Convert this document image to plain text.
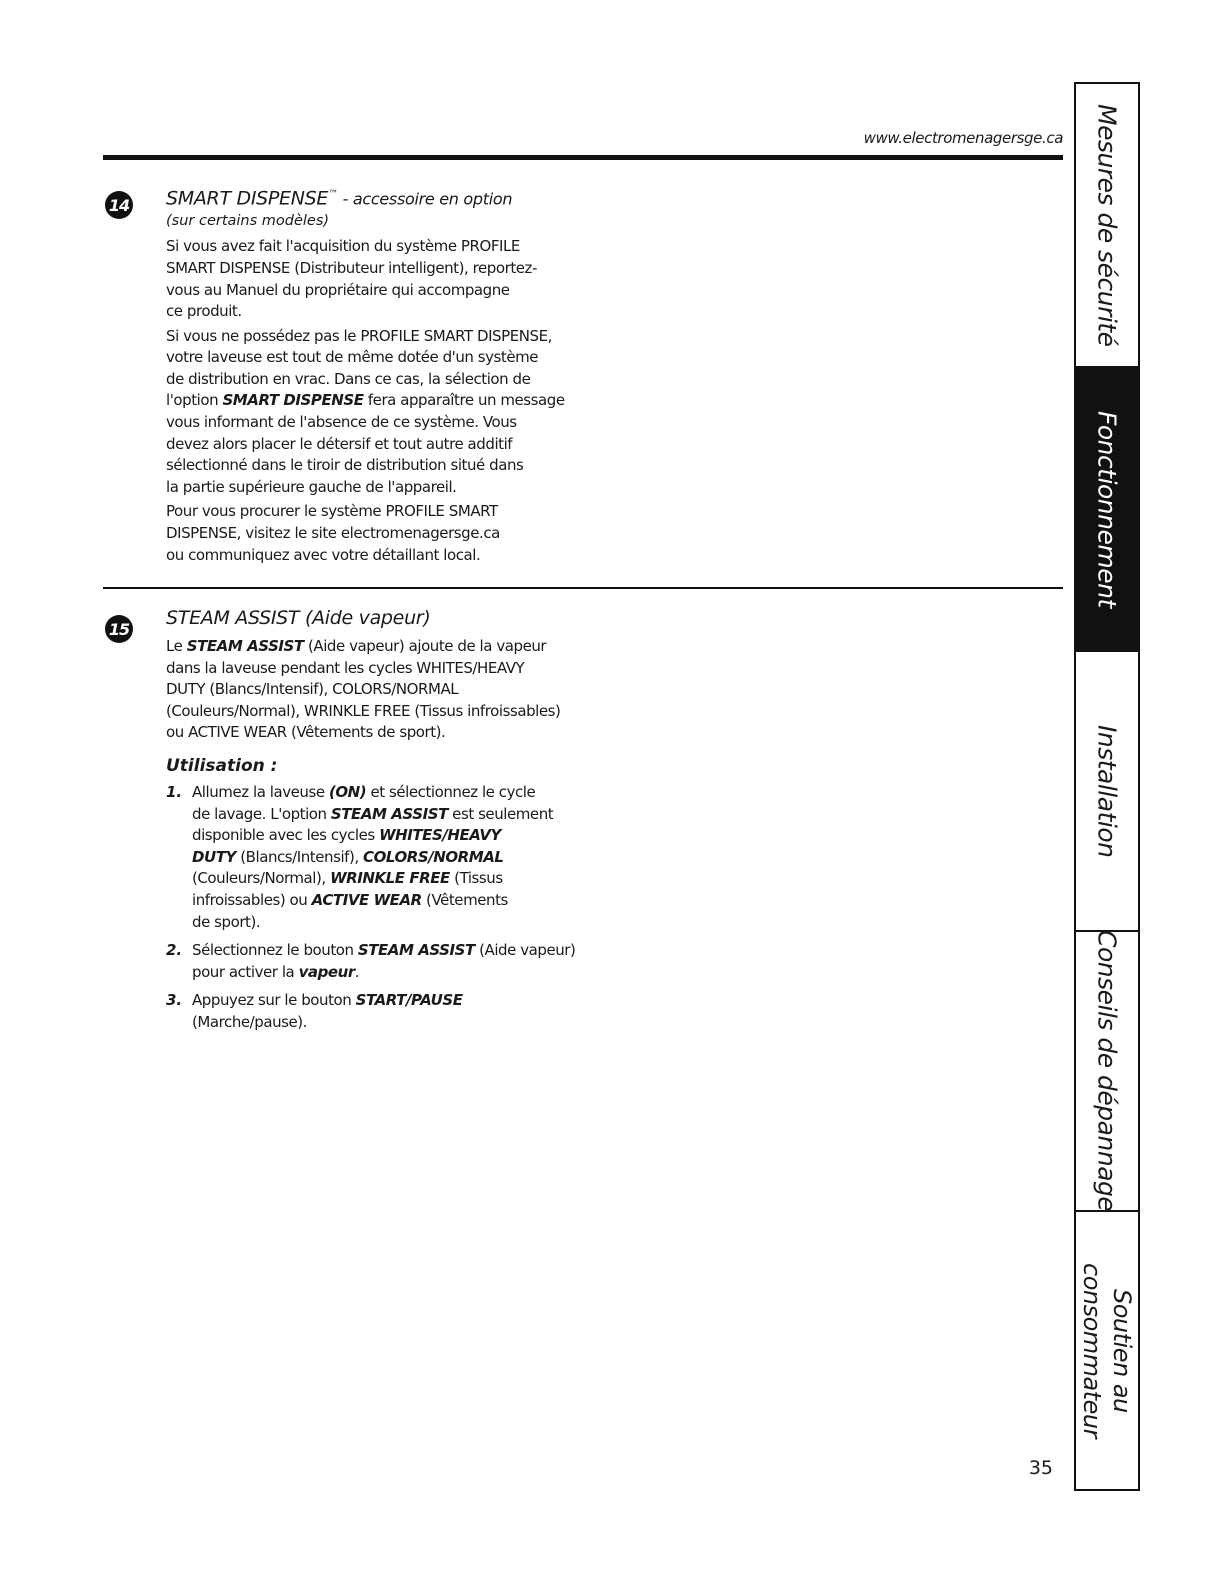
www.electromenagersge.ca
14 SMART DISPENSE™ - accessoire en option

(sur certains modèles)

Si vous avez fait l'acquisition du système PROFILE
SMART DISPENSE (Distributeur intelligent), reportez-
vous au Manuel du propriétaire qui accompagne
ce produit.

Si vous ne possédez pas le PROFILE SMART DISPENSE,
votre laveuse est tout de même dotée d'un système
de distribution en vrac. Dans ce cas, la sélection de
l'option SMART DISPENSE fera apparaître un message
vous informant de l'absence de ce système. Vous
devez alors placer le détersif et tout autre additif
sélectionné dans le tiroir de distribution situé dans
la partie supérieure gauche de l'appareil.

Pour vous procurer le système PROFILE SMART
DISPENSE, visitez le site electromenagersge.ca
ou communiquez avec votre détaillant local.

15 STEAM ASSIST (Aide vapeur)

Le STEAM ASSIST (Aide vapeur) ajoute de la vapeur
dans la laveuse pendant les cycles WHITES/HEAVY
DUTY (Blancs/Intensif), COLORS/NORMAL
(Couleurs/Normal), WRINKLE FREE (Tissus infroissables)
ou ACTIVE WEAR (Vêtements de sport).

Utilisation :

1. Allumez la laveuse (ON) et sélectionnez le cycle
de lavage. L'option STEAM ASSIST est seulement
disponible avec les cycles WHITES/HEAVY
DUTY (Blancs/Intensif), COLORS/NORMAL
(Couleurs/Normal), WRINKLE FREE (Tissus
infroissables) ou ACTIVE WEAR (Vêtements
de sport).

2. Sélectionnez le bouton STEAM ASSIST (Aide vapeur)
pour activer la vapeur.

3. Appuyez sur le bouton START/PAUSE
(Marche/pause).

35
Mesures de sécurité
Fonctionnement
Installation
Conseils de dépannage
Soutien au
consommateur
